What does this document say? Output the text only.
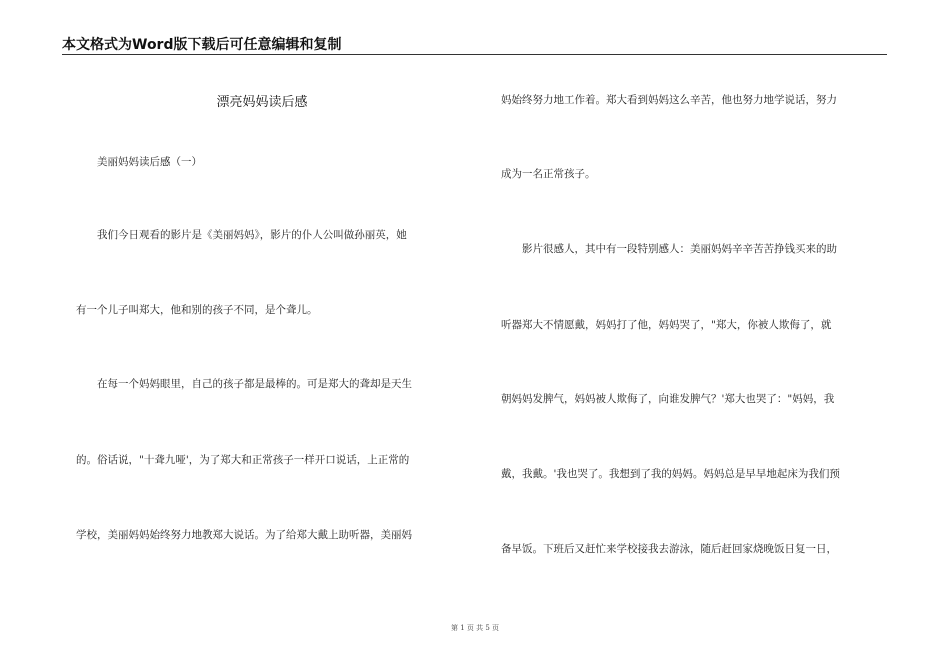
本文格式为Word版下载后可任意编辑和复制
漂亮妈妈读后感
　　美丽妈妈读后感（一）
　　我们今日观看的影片是《美丽妈妈》，影片的仆人公叫做孙丽英，她
有一个儿子叫郑大，他和别的孩子不同，是个聋儿。
　　在每一个妈妈眼里，自己的孩子都是最棒的。可是郑大的聋却是天生
的。俗话说，"十聋九哑'，为了郑大和正常孩子一样开口说话，上正常的
学校，美丽妈妈始终努力地教郑大说话。为了给郑大戴上助听器，美丽妈
妈始终努力地工作着。郑大看到妈妈这么辛苦，他也努力地学说话，努力
成为一名正常孩子。
　　影片很感人，其中有一段特别感人：美丽妈妈辛辛苦苦挣钱买来的助
听器郑大不情愿戴，妈妈打了他，妈妈哭了，"郑大，你被人欺侮了，就
朝妈妈发脾气，妈妈被人欺侮了，向谁发脾气？'郑大也哭了："妈妈，我
戴，我戴。'我也哭了。我想到了我的妈妈。妈妈总是早早地起床为我们预
备早饭。下班后又赶忙来学校接我去游泳，随后赶回家烧晚饭日复一日，
第 1 页 共 5 页
